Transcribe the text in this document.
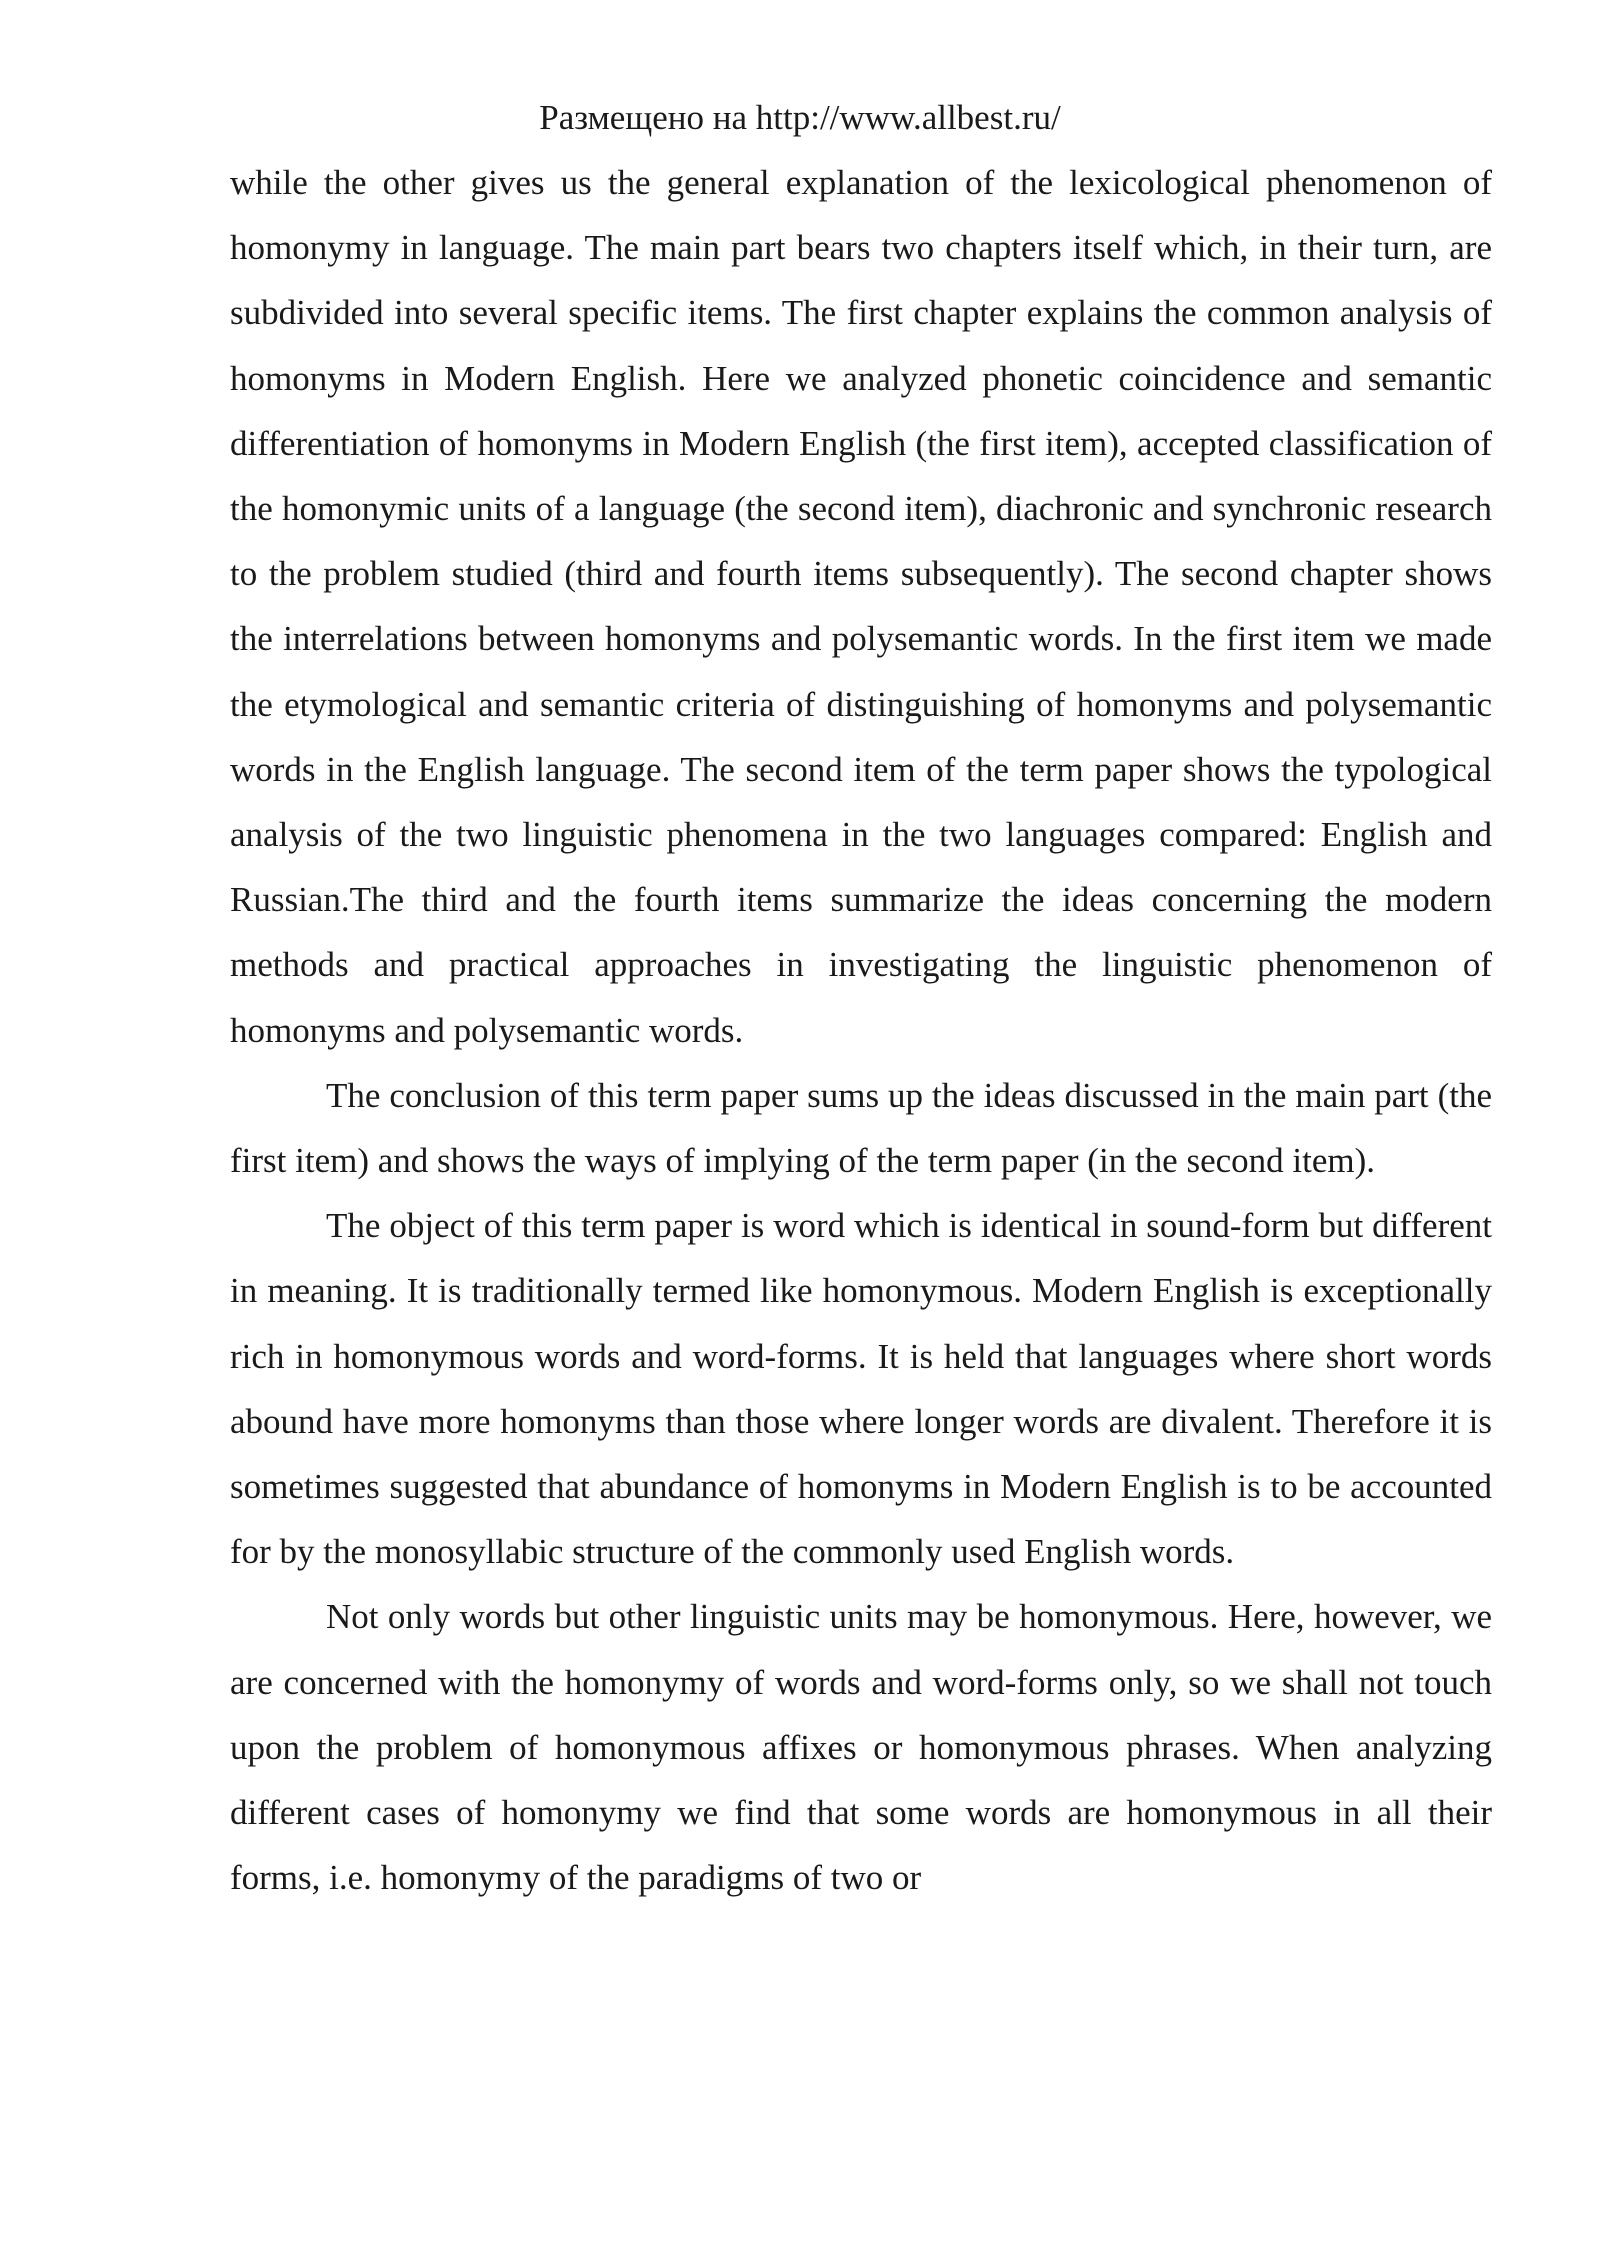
Размещено на http://www.allbest.ru/

while the other gives us the general explanation of the lexicological phenomenon of homonymy in language. The main part bears two chapters itself which, in their turn, are subdivided into several specific items. The first chapter explains the common analysis of homonyms in Modern English. Here we analyzed phonetic coincidence and semantic differentiation of homonyms in Modern English (the first item), accepted classification of the homonymic units of a language (the second item), diachronic and synchronic research to the problem studied (third and fourth items subsequently). The second chapter shows the interrelations between homonyms and polysemantic words. In the first item we made the etymological and semantic criteria of distinguishing of homonyms and polysemantic words in the English language. The second item of the term paper shows the typological analysis of the two linguistic phenomena in the two languages compared: English and Russian.The third and the fourth items summarize the ideas concerning the modern methods and practical approaches in investigating the linguistic phenomenon of homonyms and polysemantic words.

The conclusion of this term paper sums up the ideas discussed in the main part (the first item) and shows the ways of implying of the term paper (in the second item).

The object of this term paper is word which is identical in sound-form but different in meaning. It is traditionally termed like homonymous. Modern English is exceptionally rich in homonymous words and word-forms. It is held that languages where short words abound have more homonyms than those where longer words are divalent. Therefore it is sometimes suggested that abundance of homonyms in Modern English is to be accounted for by the monosyllabic structure of the commonly used English words.

Not only words but other linguistic units may be homonymous. Here, however, we are concerned with the homonymy of words and word-forms only, so we shall not touch upon the problem of homonymous affixes or homonymous phrases. When analyzing different cases of homonymy we find that some words are homonymous in all their forms, i.e. homonymy of the paradigms of two or
